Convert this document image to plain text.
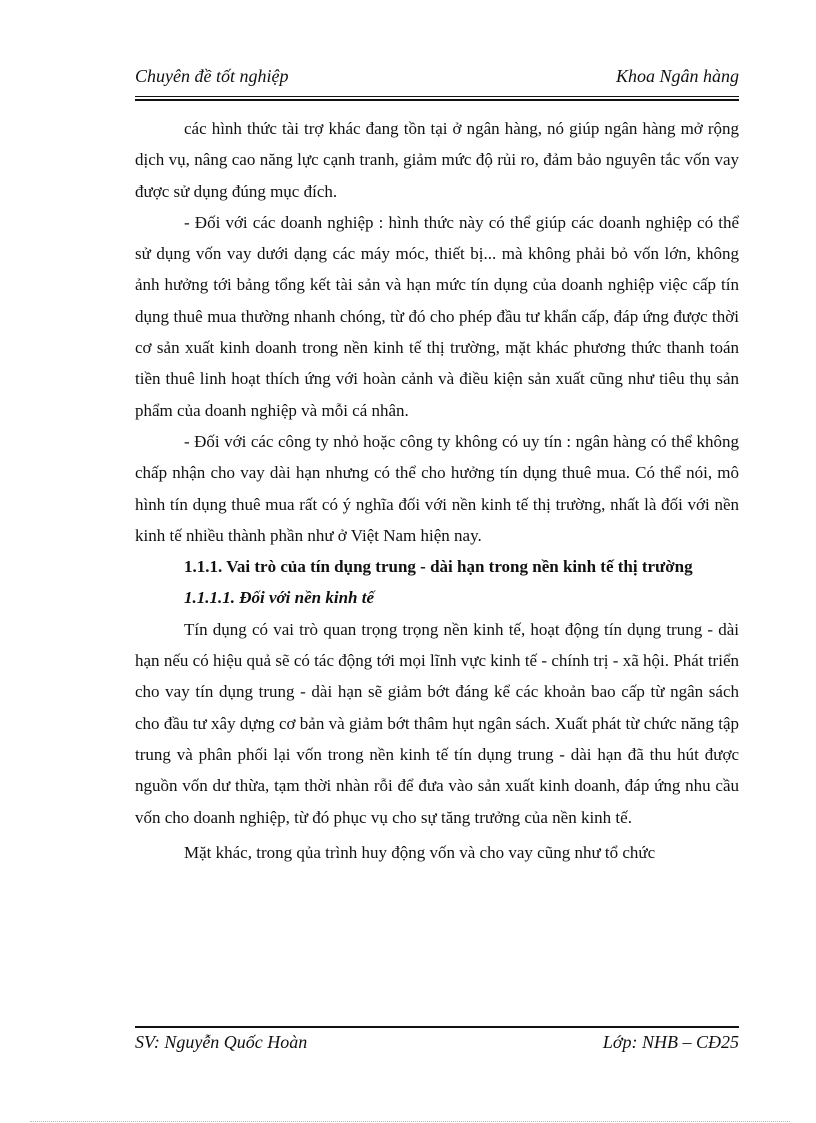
Chuyên đề tốt nghiệp	Khoa Ngân hàng

các hình thức tài trợ khác đang tồn tại ở ngân hàng, nó giúp ngân hàng mở rộng dịch vụ, nâng cao năng lực cạnh tranh, giảm mức độ rủi ro, đảm bảo nguyên tắc vốn vay được sử dụng đúng mục đích.

- Đối với các doanh nghiệp : hình thức này có thể giúp các doanh nghiệp có thể sử dụng vốn vay dưới dạng các máy móc, thiết bị... mà không phải bỏ vốn lớn, không ảnh hưởng tới bảng tổng kết tài sản và hạn mức tín dụng của doanh nghiệp việc cấp tín dụng thuê mua thường nhanh chóng, từ đó cho phép đầu tư khẩn cấp, đáp ứng được thời cơ sản xuất kinh doanh trong nền kinh tế thị trường, mặt khác phương thức thanh toán tiền thuê linh hoạt thích ứng với hoàn cảnh và điều kiện sản xuất cũng như tiêu thụ sản phẩm của doanh nghiệp và mỗi cá nhân.

- Đối với các công ty nhỏ hoặc công ty không có uy tín : ngân hàng có thể không chấp nhận cho vay dài hạn nhưng có thể cho hưởng tín dụng thuê mua. Có thể nói, mô hình tín dụng thuê mua rất có ý nghĩa đối với nền kinh tế thị trường, nhất là đối với nền kinh tế nhiều thành phần như ở Việt Nam hiện nay.

1.1.1. Vai trò của tín dụng trung - dài hạn trong nền kinh tế thị trường

1.1.1.1. Đối với nền kinh tế

Tín dụng có vai trò quan trọng trọng nền kinh tế, hoạt động tín dụng trung - dài hạn nếu có hiệu quả sẽ có tác động tới mọi lĩnh vực kinh tế - chính trị - xã hội. Phát triển cho vay tín dụng trung - dài hạn sẽ giảm bớt đáng kể các khoản bao cấp từ ngân sách cho đầu tư xây dựng cơ bản và giảm bớt thâm hụt ngân sách. Xuất phát từ chức năng tập trung và phân phối lại vốn trong nền kinh tế tín dụng trung - dài hạn đã thu hút được nguồn vốn dư thừa, tạm thời nhàn rỗi để đưa vào sản xuất kinh doanh, đáp ứng nhu cầu vốn cho doanh nghiệp, từ đó phục vụ cho sự tăng trưởng của nền kinh tế.

Mặt khác, trong qủa trình huy động vốn và cho vay cũng như tổ chức

SV: Nguyễn Quốc Hoàn	Lớp: NHB – CĐ25
